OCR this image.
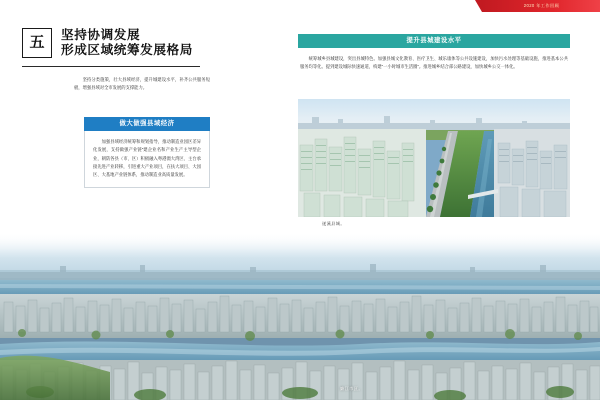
2020 年工作回顾
五 坚持协调发展
形成区域统筹发展格局

坚持分类施策，壮大县域经济，提升城建设水平，补齐公共服务短板，增强县域对全市发展的支撑能力。

做大做强县域经济
加强县域经济统筹和规划指导，推动制造业园区差异化发展，支持做强产业链“建企业名和产业生产主导型企业，朝防各县（市、区）积极融入粤港澳大湾区、主台承接先进产业转移，引进重大产业项目，在扶大项目、大园区、大基地产业链体系，推动制造业高质量发展。
提升县城建设水平
统筹城乡县城建设，突出县城特色。加强县城文化教育、医疗卫生、城乐康体等公共设施建设，加快污水处理等基础设施，推进基本公共服务均等化。提到建设城际快速通道，构建“一小时城市生活圈”。推进城乡结合部公路建设，加快城乡公交一体化。
遂溪县城。
廉江市区。
